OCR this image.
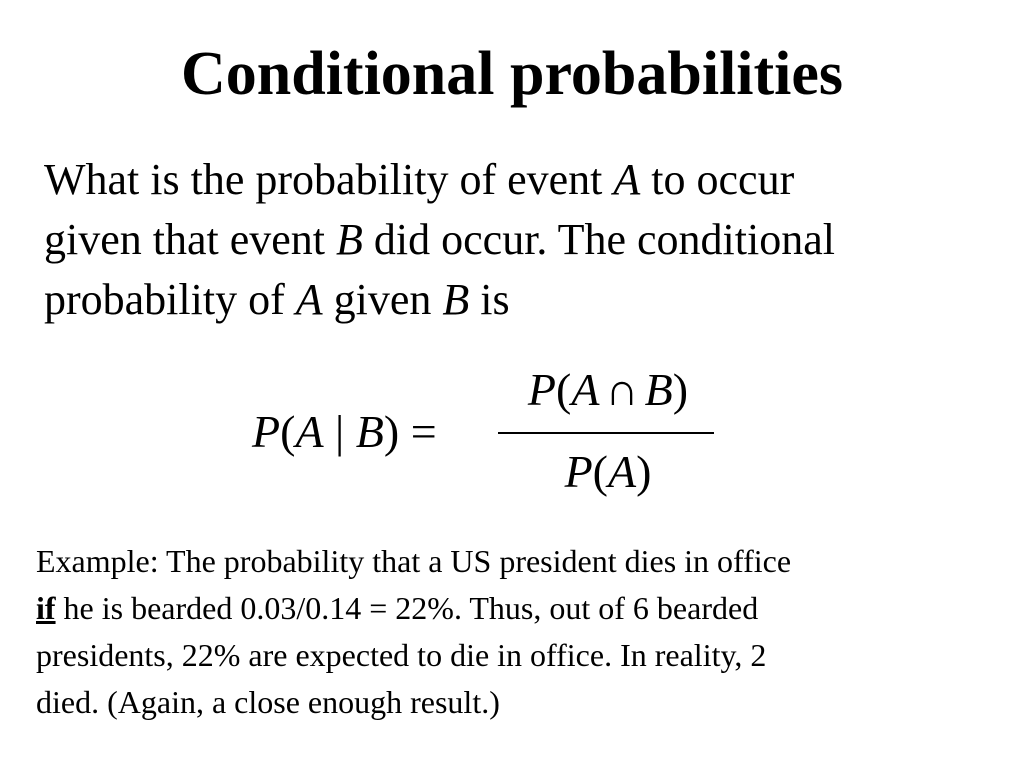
Conditional probabilities
What is the probability of event A to occur
given that event B did occur. The conditional
probability of A given B is
P(A | B) =
P(A ∩ B)
P(A)
Example: The probability that a US president dies in office
if he is bearded 0.03/0.14 = 22%. Thus, out of 6 bearded
presidents, 22% are expected to die in office. In reality, 2
died. (Again, a close enough result.)
